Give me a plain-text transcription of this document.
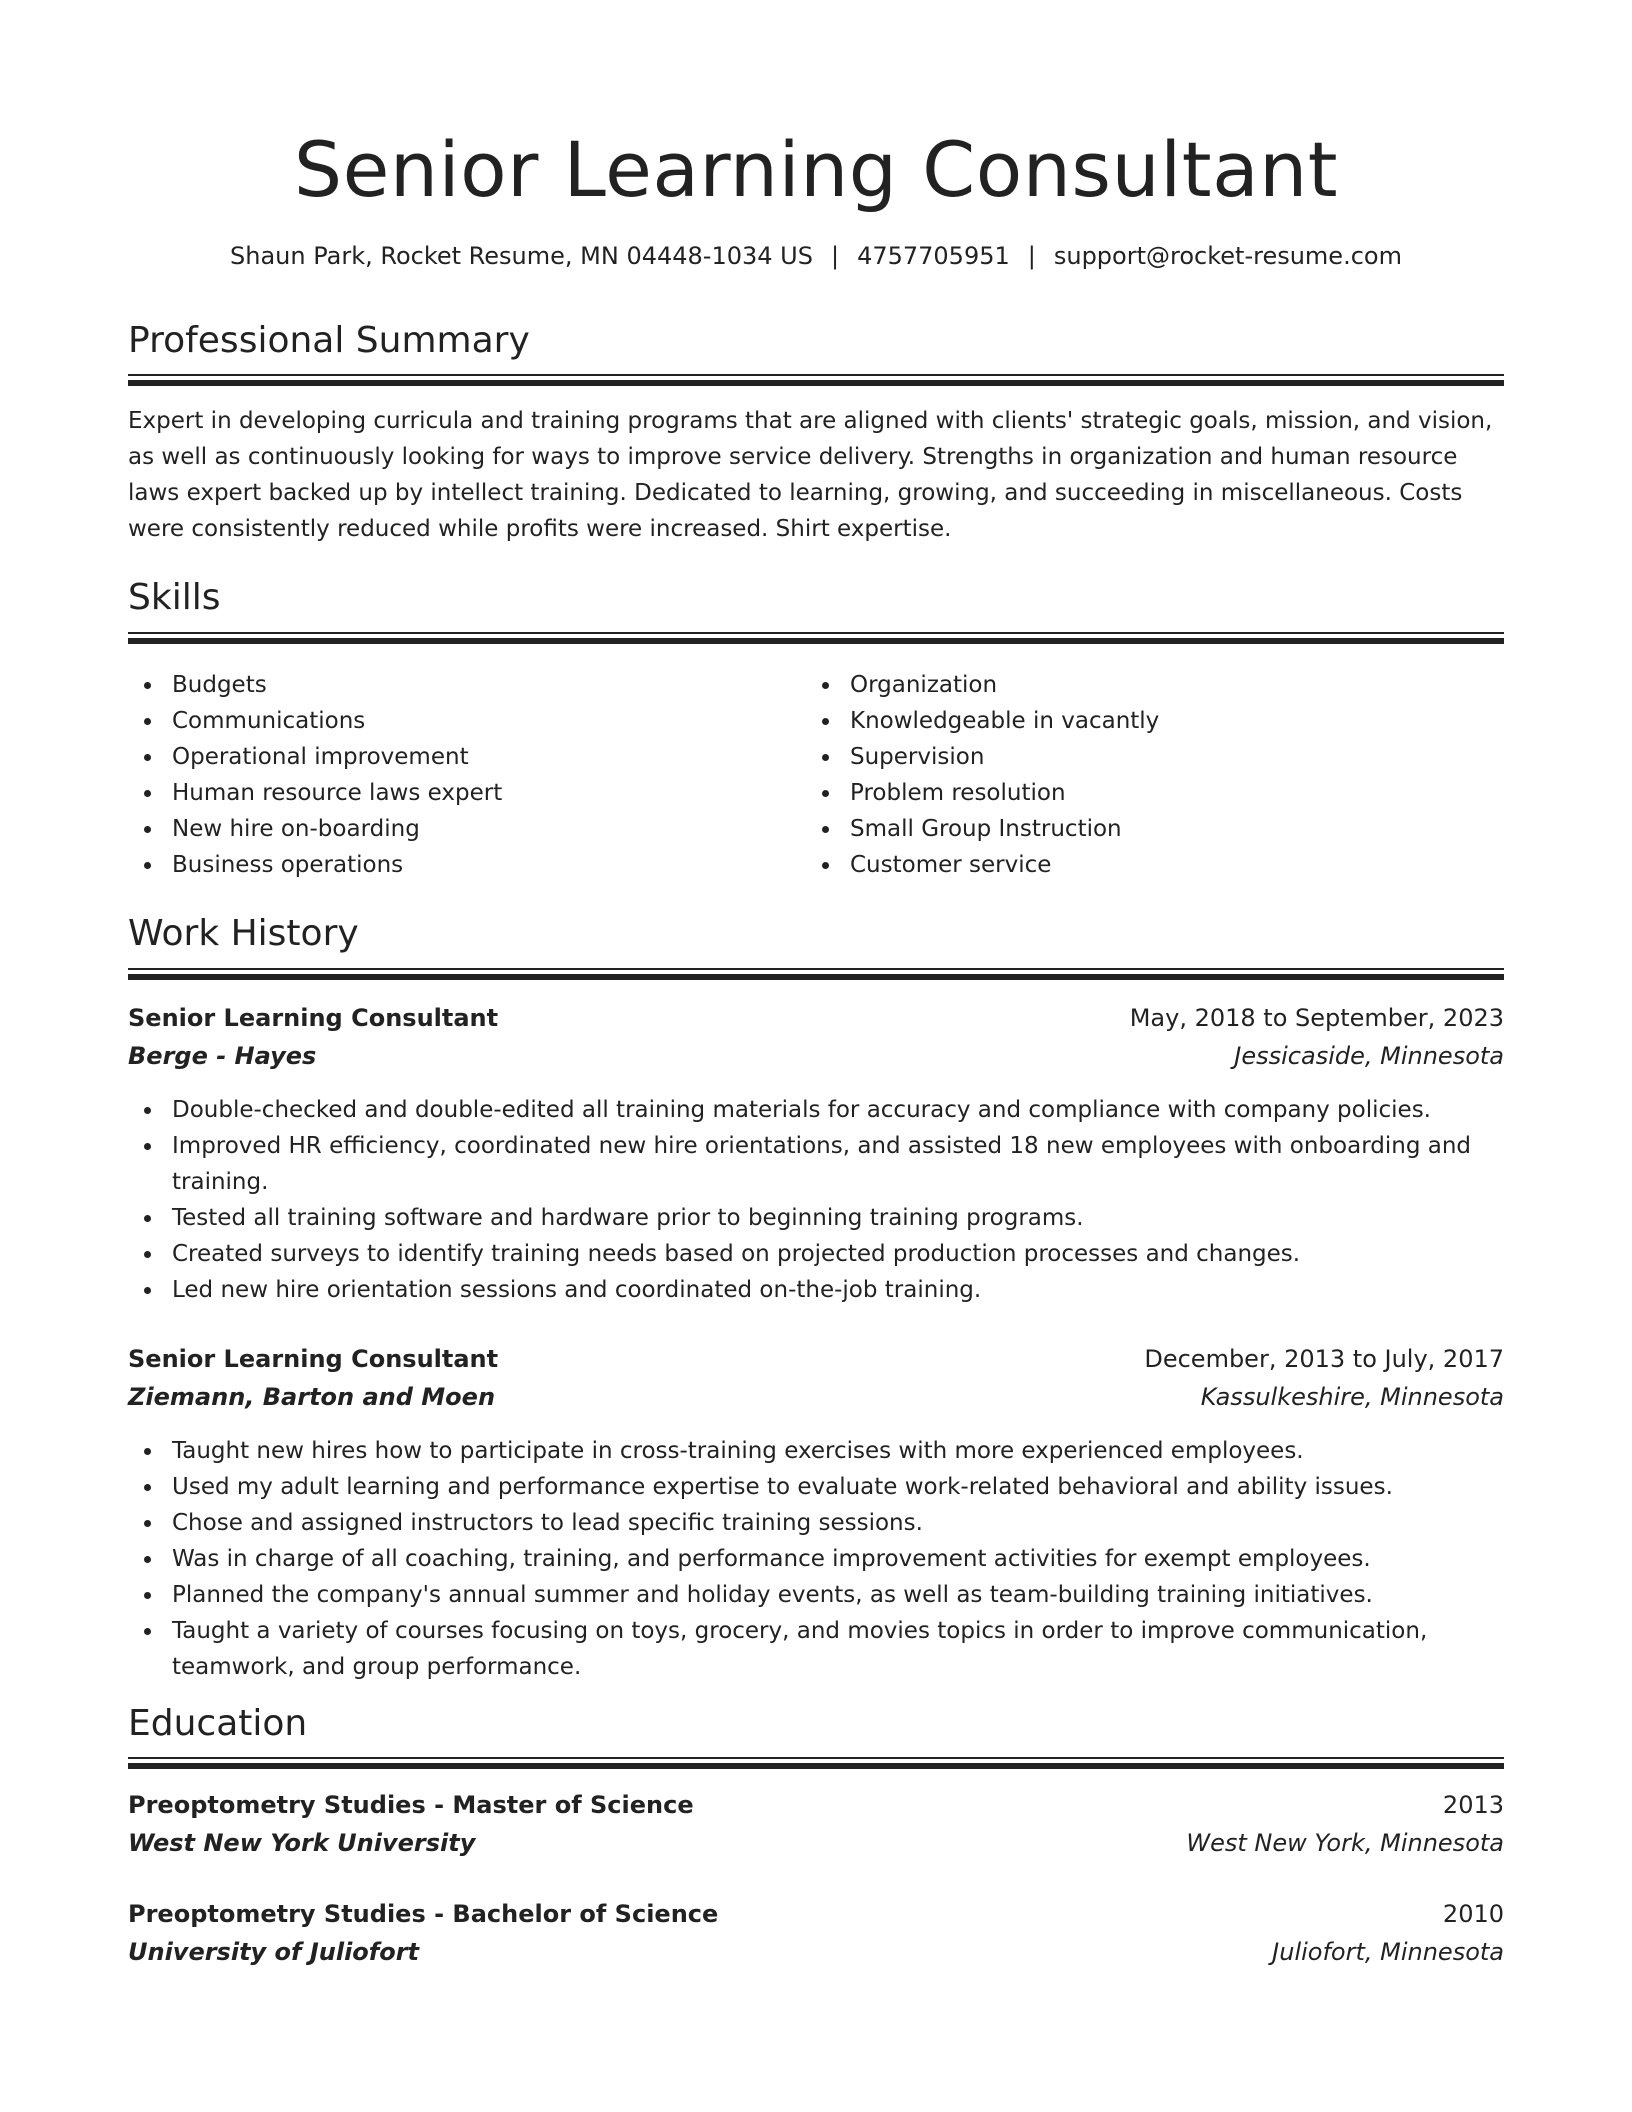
Senior Learning Consultant
Shaun Park, Rocket Resume, MN 04448-1034 US | 4757705951 | support@rocket-resume.com
Professional Summary
Expert in developing curricula and training programs that are aligned with clients' strategic goals, mission, and vision, as well as continuously looking for ways to improve service delivery. Strengths in organization and human resource laws expert backed up by intellect training. Dedicated to learning, growing, and succeeding in miscellaneous. Costs were consistently reduced while profits were increased. Shirt expertise.
Skills
Budgets
Communications
Operational improvement
Human resource laws expert
New hire on-boarding
Business operations
Organization
Knowledgeable in vacantly
Supervision
Problem resolution
Small Group Instruction
Customer service
Work History
Senior Learning Consultant	May, 2018 to September, 2023
Berge - Hayes	Jessicaside, Minnesota
Double-checked and double-edited all training materials for accuracy and compliance with company policies.
Improved HR efficiency, coordinated new hire orientations, and assisted 18 new employees with onboarding and training.
Tested all training software and hardware prior to beginning training programs.
Created surveys to identify training needs based on projected production processes and changes.
Led new hire orientation sessions and coordinated on-the-job training.
Senior Learning Consultant	December, 2013 to July, 2017
Ziemann, Barton and Moen	Kassulkeshire, Minnesota
Taught new hires how to participate in cross-training exercises with more experienced employees.
Used my adult learning and performance expertise to evaluate work-related behavioral and ability issues.
Chose and assigned instructors to lead specific training sessions.
Was in charge of all coaching, training, and performance improvement activities for exempt employees.
Planned the company's annual summer and holiday events, as well as team-building training initiatives.
Taught a variety of courses focusing on toys, grocery, and movies topics in order to improve communication, teamwork, and group performance.
Education
Preoptometry Studies - Master of Science	2013
West New York University	West New York, Minnesota
Preoptometry Studies - Bachelor of Science	2010
University of Juliofort	Juliofort, Minnesota
